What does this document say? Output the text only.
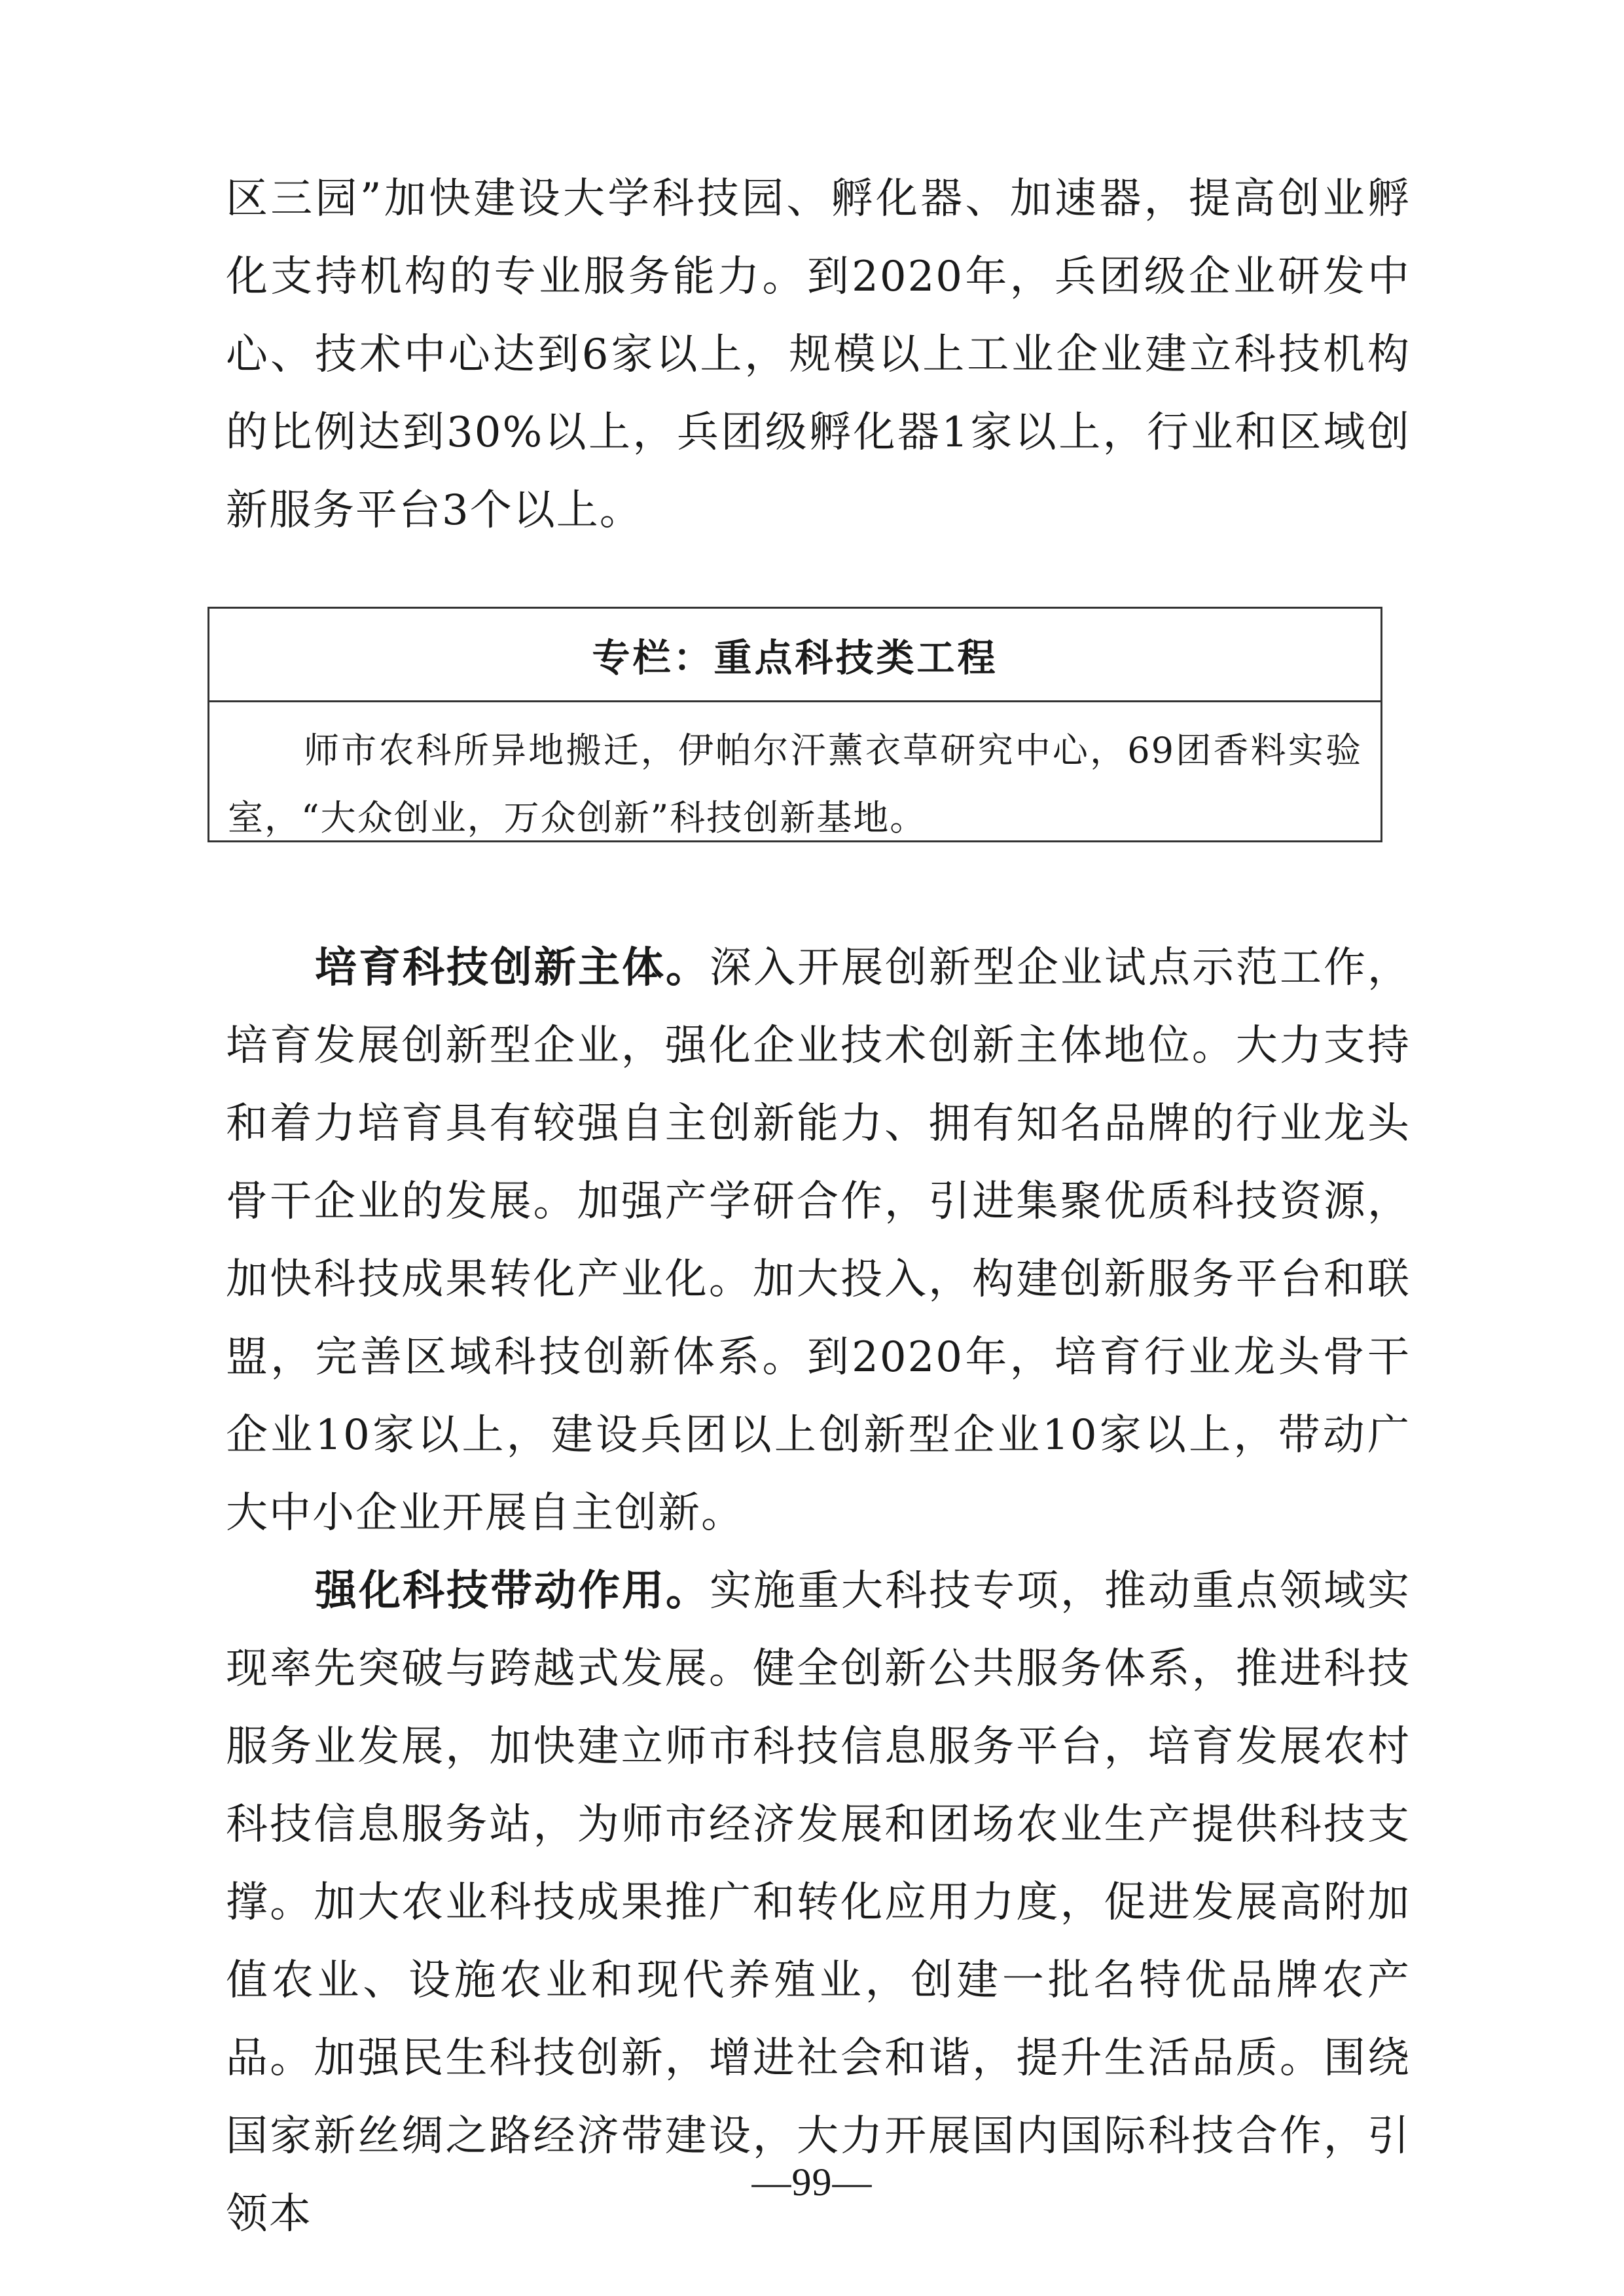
区三园”加快建设大学科技园、孵化器、加速器，提高创业孵化支持机构的专业服务能力。到2020年，兵团级企业研发中心、技术中心达到6家以上，规模以上工业企业建立科技机构的比例达到30%以上，兵团级孵化器1家以上，行业和区域创新服务平台3个以上。

专栏：重点科技类工程

师市农科所异地搬迁，伊帕尔汗薰衣草研究中心，69团香料实验室，“大众创业，万众创新”科技创新基地。

培育科技创新主体。深入开展创新型企业试点示范工作，培育发展创新型企业，强化企业技术创新主体地位。大力支持和着力培育具有较强自主创新能力、拥有知名品牌的行业龙头骨干企业的发展。加强产学研合作，引进集聚优质科技资源，加快科技成果转化产业化。加大投入，构建创新服务平台和联盟，完善区域科技创新体系。到2020年，培育行业龙头骨干企业10家以上，建设兵团以上创新型企业10家以上，带动广大中小企业开展自主创新。

强化科技带动作用。实施重大科技专项，推动重点领域实现率先突破与跨越式发展。健全创新公共服务体系，推进科技服务业发展，加快建立师市科技信息服务平台，培育发展农村科技信息服务站，为师市经济发展和团场农业生产提供科技支撑。加大农业科技成果推广和转化应用力度，促进发展高附加值农业、设施农业和现代养殖业，创建一批名特优品牌农产品。加强民生科技创新，增进社会和谐，提升生活品质。围绕国家新丝绸之路经济带建设，大力开展国内国际科技合作，引领本

—99—
